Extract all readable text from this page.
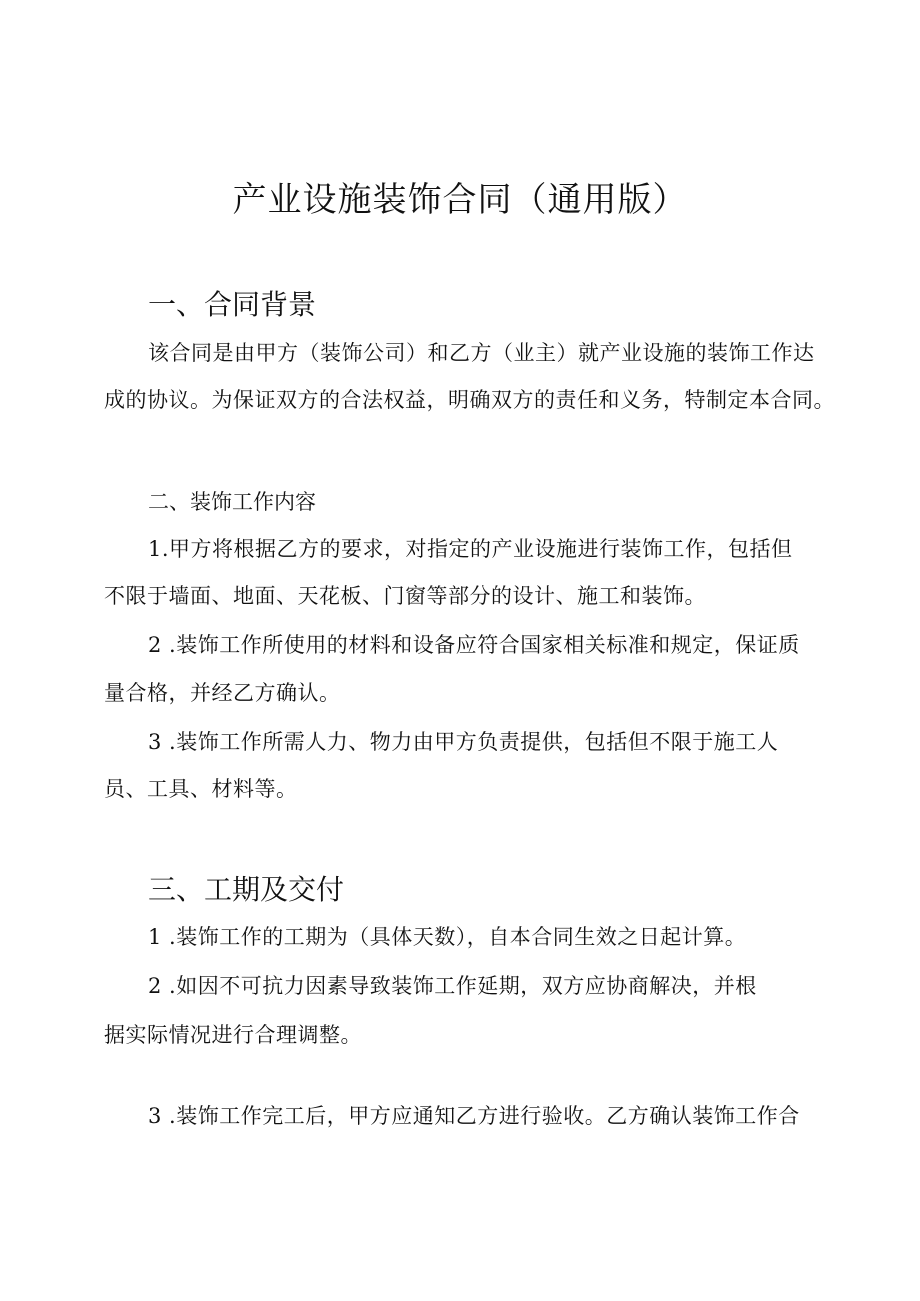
产业设施装饰合同（通用版）
一、合同背景
该合同是由甲方（装饰公司）和乙方（业主）就产业设施的装饰工作达
成的协议。为保证双方的合法权益，明确双方的责任和义务，特制定本合同。
二、装饰工作内容
1.甲方将根据乙方的要求，对指定的产业设施进行装饰工作，包括但
不限于墙面、地面、天花板、门窗等部分的设计、施工和装饰。
2 .装饰工作所使用的材料和设备应符合国家相关标准和规定，保证质
量合格，并经乙方确认。
3 .装饰工作所需人力、物力由甲方负责提供，包括但不限于施工人
员、工具、材料等。
三、工期及交付
1 .装饰工作的工期为（具体天数），自本合同生效之日起计算。
2 .如因不可抗力因素导致装饰工作延期，双方应协商解决，并根
据实际情况进行合理调整。
3 .装饰工作完工后，甲方应通知乙方进行验收。乙方确认装饰工作合
